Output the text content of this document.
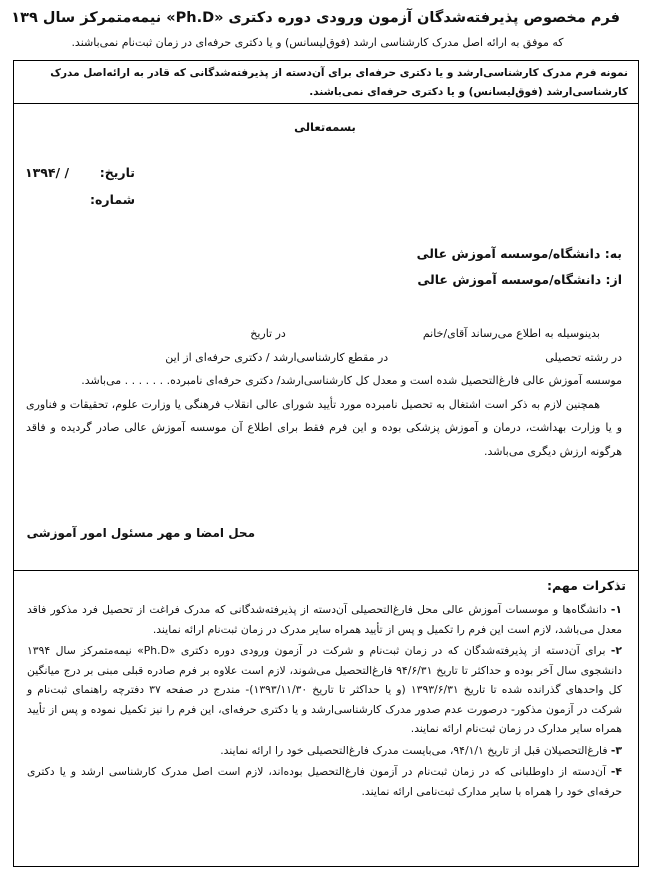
فرم مخصوص پذیرفته‌شدگان آزمون ورودی دوره دکتری «Ph.D» نیمه‌متمرکز سال ۱۳۹
که موفق به ارائه اصل مدرک کارشناسی ارشد (فوق‌لیسانس) و یا دکتری حرفه‌ای در زمان ثبت‌نام نمی‌باشند.
نمونه فرم مدرک کارشناسی‌ارشد و یا دکتری حرفه‌ای برای آن‌دسته از پذیرفته‌شدگانی که قادر به ارائه‌اصل مدرک کارشناسی‌ارشد (فوق‌لیسانس) و یا دکتری حرفه‌ای نمی‌باشند.
بسمه‌تعالی
تاریخ:
/ /۱۳۹۴
شماره:
به: دانشگاه/موسسه آموزش عالی
از: دانشگاه/موسسه آموزش عالی

بدینوسیله به اطلاع می‌رساند آقای/خانم  در تاریخ

در رشته تحصیلی  در مقطع کارشناسی‌ارشد / دکتری حرفه‌ای از این

موسسه آموزش عالی فارغ‌التحصیل شده است و معدل کل کارشناسی‌ارشد/ دکتری حرفه‌ای نامبرده. . . . . . . می‌باشد.

همچنین لازم به ذکر است اشتغال به تحصیل نامبرده مورد تأیید شورای عالی انقلاب فرهنگی یا وزارت علوم، تحقیقات و فناوری و یا وزارت بهداشت، درمان و آموزش پزشکی بوده و این فرم فقط برای اطلاع آن موسسه آموزش عالی صادر گردیده و فاقد هرگونه ارزش دیگری می‌باشد.

محل امضا و مهر مسئول امور آموزشی
تذکرات مهم:

۱- دانشگاه‌ها و موسسات آموزش عالی محل فارغ‌التحصیلی آن‌دسته از پذیرفته‌شدگانی که مدرک فراغت از تحصیل فرد مذکور فاقد معدل می‌باشد، لازم است این فرم را تکمیل و پس از تأیید همراه سایر مدرک در زمان ثبت‌نام ارائه نمایند.

۲- برای آن‌دسته از پذیرفته‌شدگان که در زمان ثبت‌نام و شرکت در آزمون ورودی دوره دکتری «Ph.D» نیمه‌متمرکز سال ۱۳۹۴ دانشجوی سال آخر بوده و حداکثر تا تاریخ ۹۴/۶/۳۱ فارغ‌التحصیل می‌شوند، لازم است علاوه بر فرم صادره قبلی مبنی بر درج میانگین کل واحدهای گذرانده شده تا تاریخ ۱۳۹۳/۶/۳۱ (و یا حداکثر تا تاریخ ۱۳۹۳/۱۱/۳۰)- مندرج در صفحه ۳۷ دفترچه راهنمای ثبت‌نام و شرکت در آزمون مذکور- درصورت عدم صدور مدرک کارشناسی‌ارشد و یا دکتری حرفه‌ای، این فرم را نیز تکمیل نموده و پس از تأیید همراه سایر مدارک در زمان ثبت‌نام ارائه نمایند.

۳- فارغ‌التحصیلان قبل از تاریخ ۹۴/۱/۱، می‌بایست مدرک فارغ‌التحصیلی خود را ارائه نمایند.

۴- آن‌دسته از داوطلبانی که در زمان ثبت‌نام در آزمون فارغ‌التحصیل بوده‌اند، لازم است اصل مدرک کارشناسی ارشد و یا دکتری حرفه‌ای خود را همراه با سایر مدارک ثبت‌نامی ارائه نمایند.
